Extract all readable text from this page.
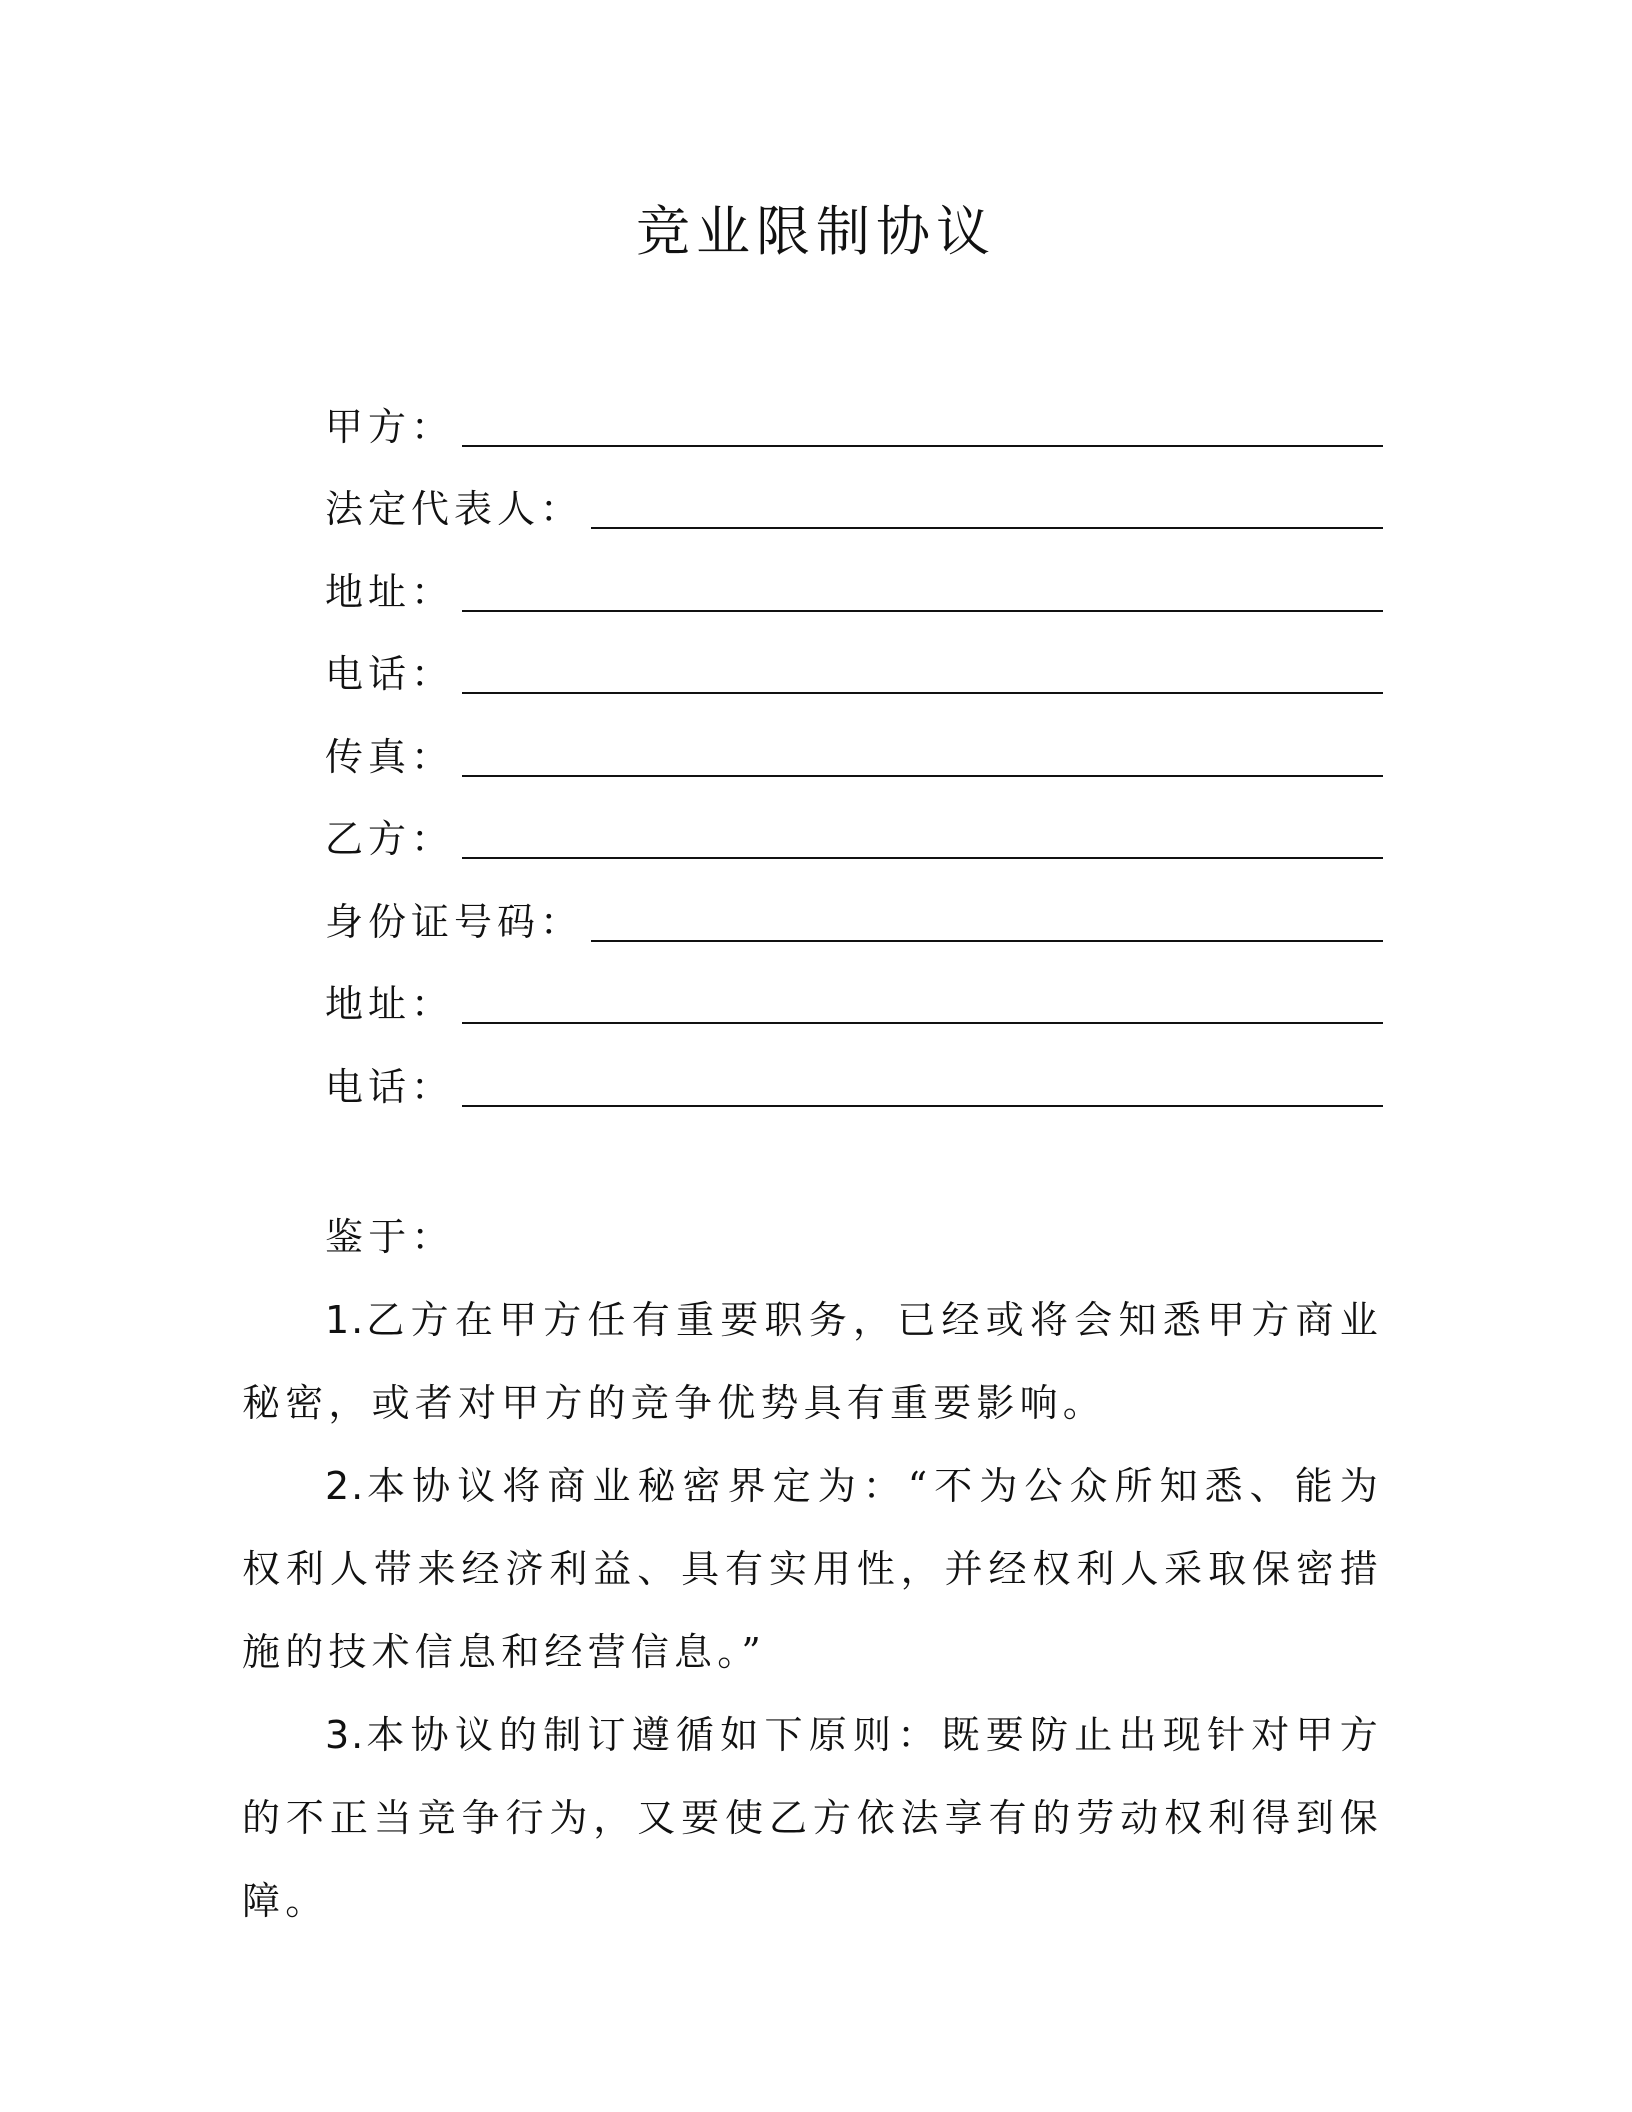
竞业限制协议
甲方：
法定代表人：
地址：
电话：
传真：
乙方：
身份证号码：
地址：
电话：

鉴于：

1.乙方在甲方任有重要职务，已经或将会知悉甲方商业秘密，或者对甲方的竞争优势具有重要影响。

2.本协议将商业秘密界定为：“不为公众所知悉、能为权利人带来经济利益、具有实用性，并经权利人采取保密措施的技术信息和经营信息。”

3.本协议的制订遵循如下原则：既要防止出现针对甲方的不正当竞争行为，又要使乙方依法享有的劳动权利得到保障。
